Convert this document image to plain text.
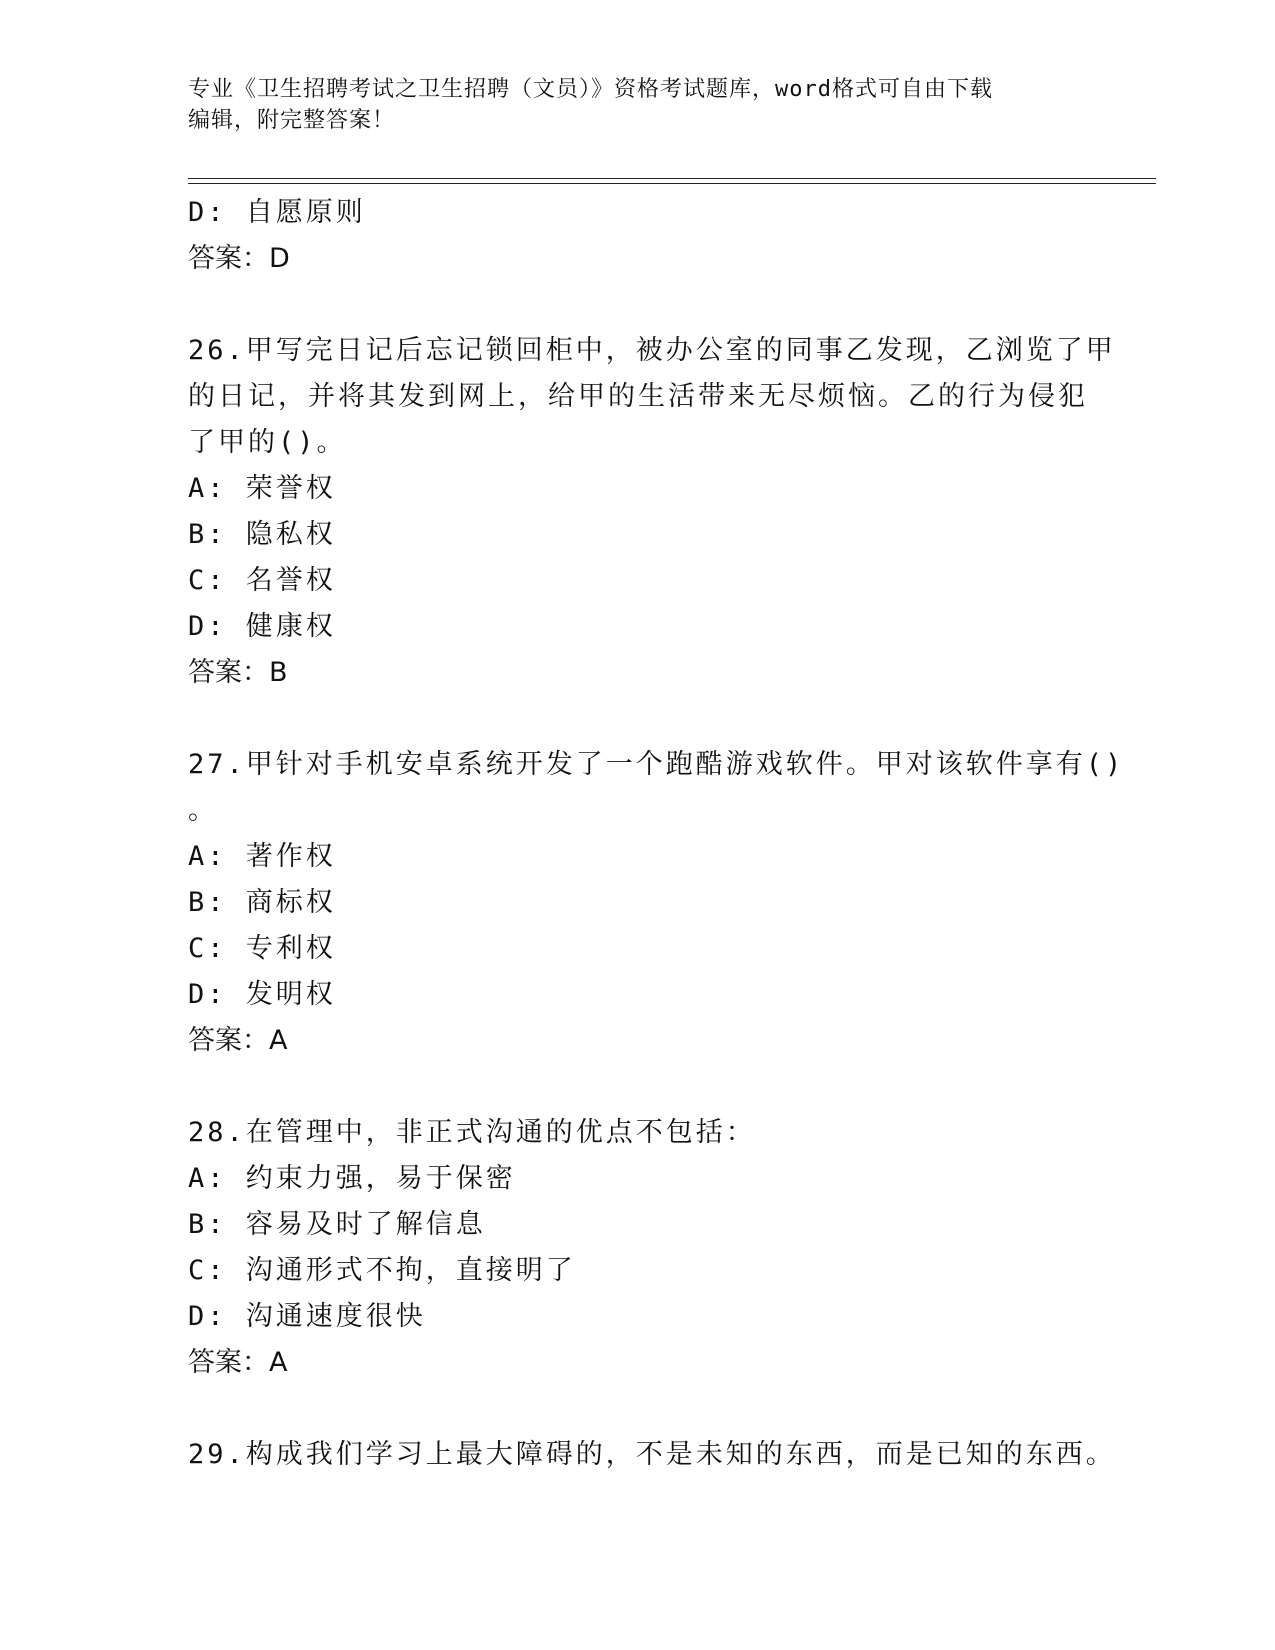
专业《卫生招聘考试之卫生招聘（文员）》资格考试题库，word格式可自由下载
编辑，附完整答案！
D: 自愿原则
答案：D
26.甲写完日记后忘记锁回柜中，被办公室的同事乙发现，乙浏览了甲
的日记，并将其发到网上，给甲的生活带来无尽烦恼。乙的行为侵犯
了甲的()。
A: 荣誉权
B: 隐私权
C: 名誉权
D: 健康权
答案：B
27.甲针对手机安卓系统开发了一个跑酷游戏软件。甲对该软件享有()
。
A: 著作权
B: 商标权
C: 专利权
D: 发明权
答案：A
28.在管理中，非正式沟通的优点不包括：
A: 约束力强，易于保密
B: 容易及时了解信息
C: 沟通形式不拘，直接明了
D: 沟通速度很快
答案：A
29.构成我们学习上最大障碍的，不是未知的东西，而是已知的东西。
